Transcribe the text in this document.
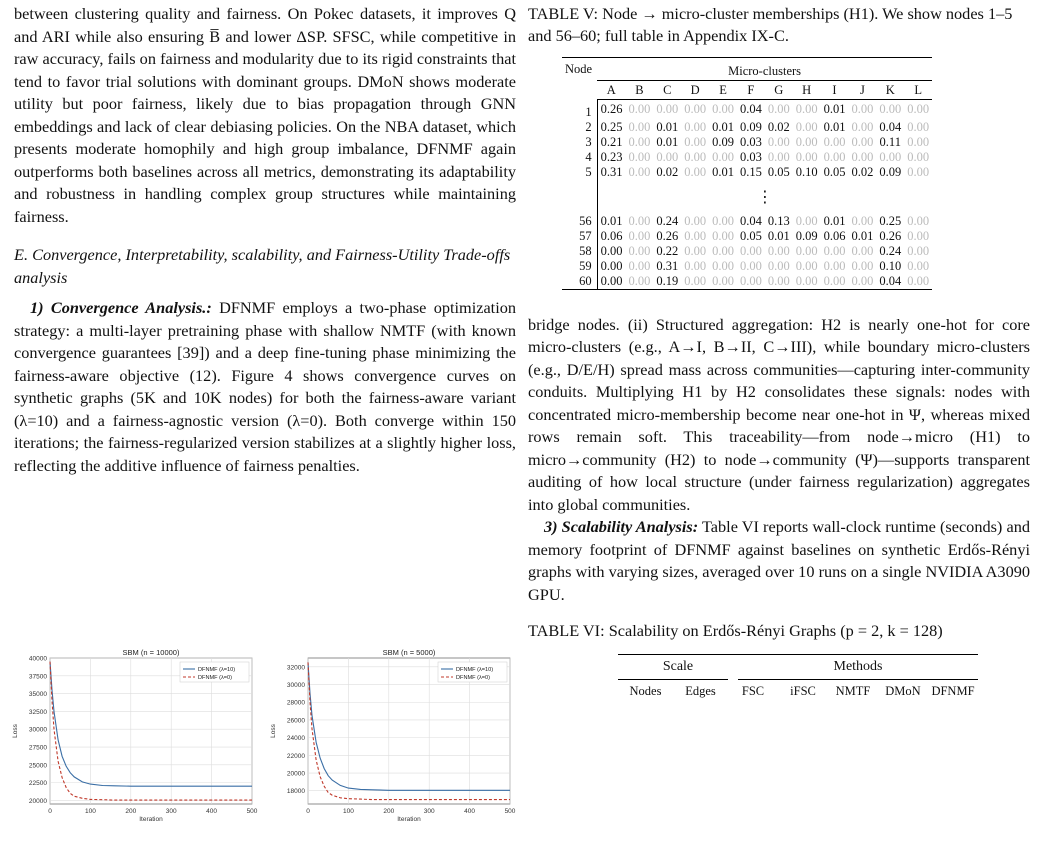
between clustering quality and fairness. On Pokec datasets, it improves Q and ARI while also ensuring B̅ and lower ΔSP. SFSC, while competitive in raw accuracy, fails on fairness and modularity due to its rigid constraints that tend to favor trial solutions with dominant groups. DMoN shows moderate utility but poor fairness, likely due to bias propagation through GNN embeddings and lack of clear debiasing policies. On the NBA dataset, which presents moderate homophily and high group imbalance, DFNMF again outperforms both baselines across all metrics, demonstrating its adaptability and robustness in handling complex group structures while maintaining fairness.

E. Convergence, Interpretability, scalability, and Fairness-Utility Trade-offs analysis

1) Convergence Analysis.: DFNMF employs a two-phase optimization strategy: a multi-layer pretraining phase with shallow NMTF (with known convergence guarantees [39]) and a deep fine-tuning phase minimizing the fairness-aware objective (12). Figure 4 shows convergence curves on synthetic graphs (5K and 10K nodes) for both the fairness-aware variant (λ=10) and a fairness-agnostic version (λ=0). Both converge within 150 iterations; the fairness-regularized version stabilizes at a slightly higher loss, reflecting the additive influence of fairness penalties.

SBM (n = 10000)
20000
22500
25000
27500
30000
32500
35000
37500
40000
0	100	200	300	400	500
Iteration
Loss
DFNMF (λ=10)
DFNMF (λ=0)
SBM (n = 5000)
18000
20000
22000
24000
26000
28000
30000
32000
0	100	200	300	400	500
Iteration
Loss
DFNMF (λ=10)
DFNMF (λ=0)

TABLE V: Node → micro-cluster memberships (H1). We show nodes 1–5 and 56–60; full table in Appendix IX-C.

Node	Micro-clusters											
	A	B	C	D	E	F	G	H	I	J	K	L
1	0.26	0.00	0.00	0.00	0.00	0.04	0.00	0.00	0.01	0.00	0.00	0.00
2	0.25	0.00	0.01	0.00	0.01	0.09	0.02	0.00	0.01	0.00	0.04	0.00
3	0.21	0.00	0.01	0.00	0.09	0.03	0.00	0.00	0.00	0.00	0.11	0.00
4	0.23	0.00	0.00	0.00	0.00	0.03	0.00	0.00	0.00	0.00	0.00	0.00
5	0.31	0.00	0.02	0.00	0.01	0.15	0.05	0.10	0.05	0.02	0.09	0.00
	⋮											
56	0.01	0.00	0.24	0.00	0.00	0.04	0.13	0.00	0.01	0.00	0.25	0.00
57	0.06	0.00	0.26	0.00	0.00	0.05	0.01	0.09	0.06	0.01	0.26	0.00
58	0.00	0.00	0.22	0.00	0.00	0.00	0.00	0.00	0.00	0.00	0.24	0.00
59	0.00	0.00	0.31	0.00	0.00	0.00	0.00	0.00	0.00	0.00	0.10	0.00
60	0.00	0.00	0.19	0.00	0.00	0.00	0.00	0.00	0.00	0.00	0.04	0.00

bridge nodes. (ii) Structured aggregation: H2 is nearly one-hot for core micro-clusters (e.g., A→I, B→II, C→III), while boundary micro-clusters (e.g., D/E/H) spread mass across communities—capturing inter-community conduits. Multiplying H1 by H2 consolidates these signals: nodes with concentrated micro-membership become near one-hot in Ψ, whereas mixed rows remain soft. This traceability—from node→micro (H1) to micro→community (H2) to node→community (Ψ)—supports transparent auditing of how local structure (under fairness regularization) aggregates into global communities.

3) Scalability Analysis: Table VI reports wall-clock runtime (seconds) and memory footprint of DFNMF against baselines on synthetic Erdős-Rényi graphs with varying sizes, averaged over 10 runs on a single NVIDIA A3090 GPU.

TABLE VI: Scalability on Erdős-Rényi Graphs (p = 2, k = 128)

Scale	Methods
Nodes	Edges	FSC	iFSC	NMTF	DMoN DFNMF
